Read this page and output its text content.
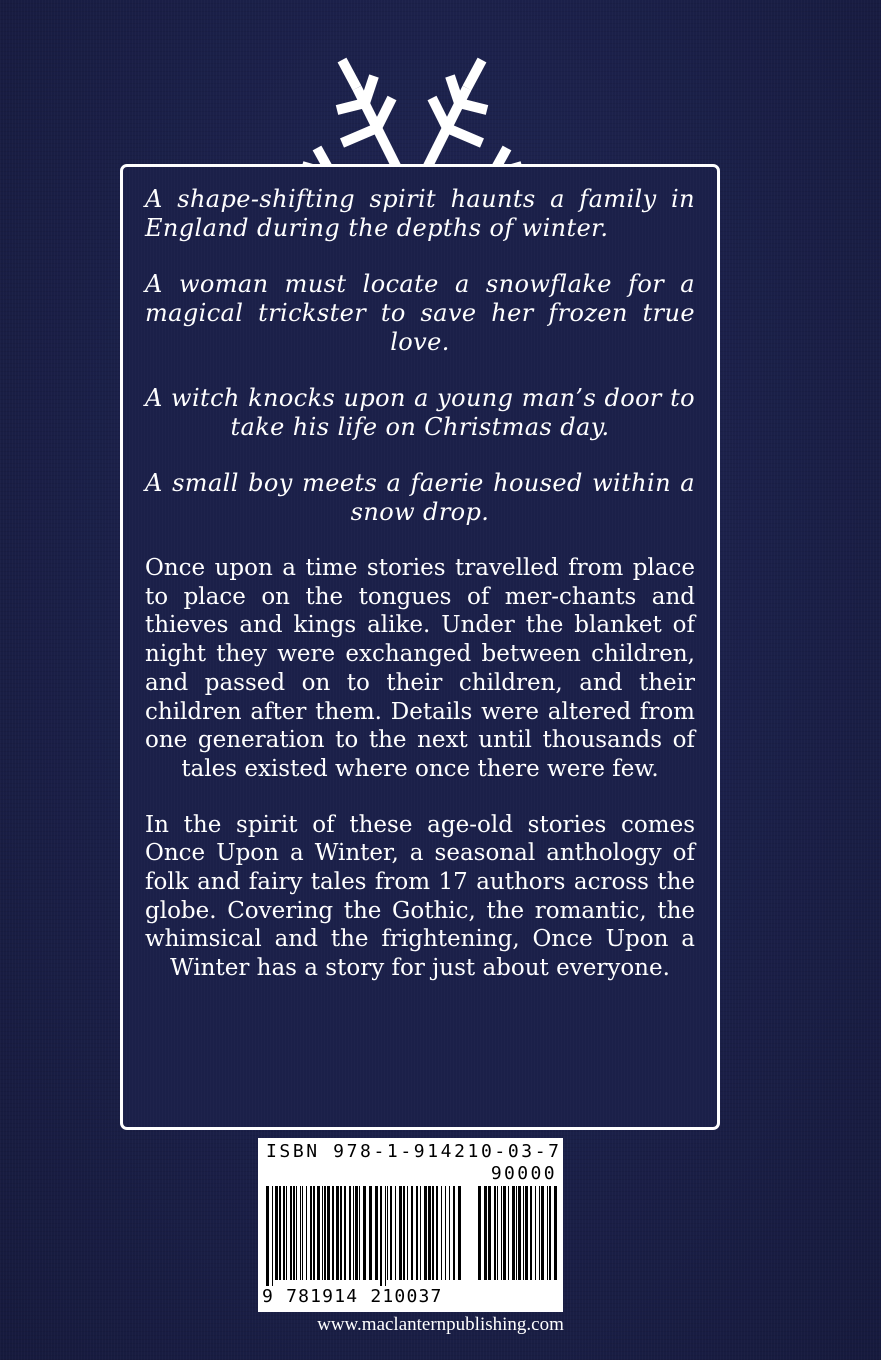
A shape-shifting spirit haunts a family in England during the depths of winter.

A woman must locate a snowflake for a magical trickster to save her frozen true love.

A witch knocks upon a young man’s door to take his life on Christmas day.

A small boy meets a faerie housed within a snow drop.

Once upon a time stories travelled from place to place on the tongues of mer-chants and thieves and kings alike. Under the blanket of night they were exchanged between children, and passed on to their children, and their children after them. Details were altered from one generation to the next until thousands of tales existed where once there were few.

In the spirit of these age-old stories comes Once Upon a Winter, a seasonal anthology of folk and fairy tales from 17 authors across the globe. Covering the Gothic, the romantic, the whimsical and the frightening, Once Upon a Winter has a story for just about everyone.

ISBN 978-1-914210-03-7
90000
9 781914 210037
www.maclanternpublishing.com
